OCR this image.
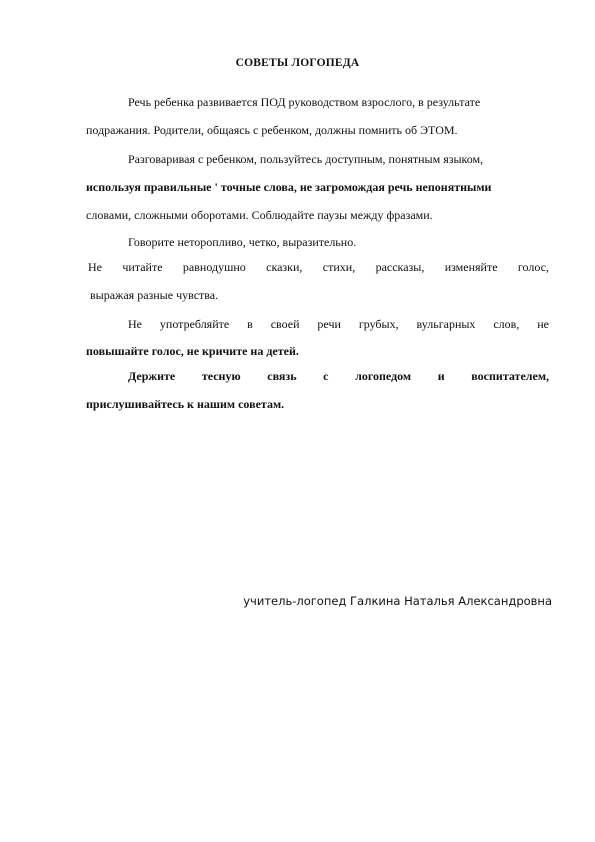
СОВЕТЫ ЛОГОПЕДА

Речь ребенка развивается ПОД руководством взрослого, в результате

подражания. Родители, общаясь с ребенком, должны помнить об ЭТОМ.

Разговаривая с ребенком, пользуйтесь доступным, понятным языком,

используя правильные ' точные слова, не загромождая речь непонятными

словами, сложными оборотами. Соблюдайте паузы между фразами.

Говорите неторопливо, четко, выразительно.

Не читайте равнодушно сказки, стихи, рассказы, изменяйте голос,

выражая разные чувства.

Не употребляйте в своей речи грубых, вульгарных слов, не

повышайте голос, не кричите на детей.

Держите тесную связь с логопедом и воспитателем,

прислушивайтесь к нашим советам.

учитель-логопед Галкина Наталья Александровна
